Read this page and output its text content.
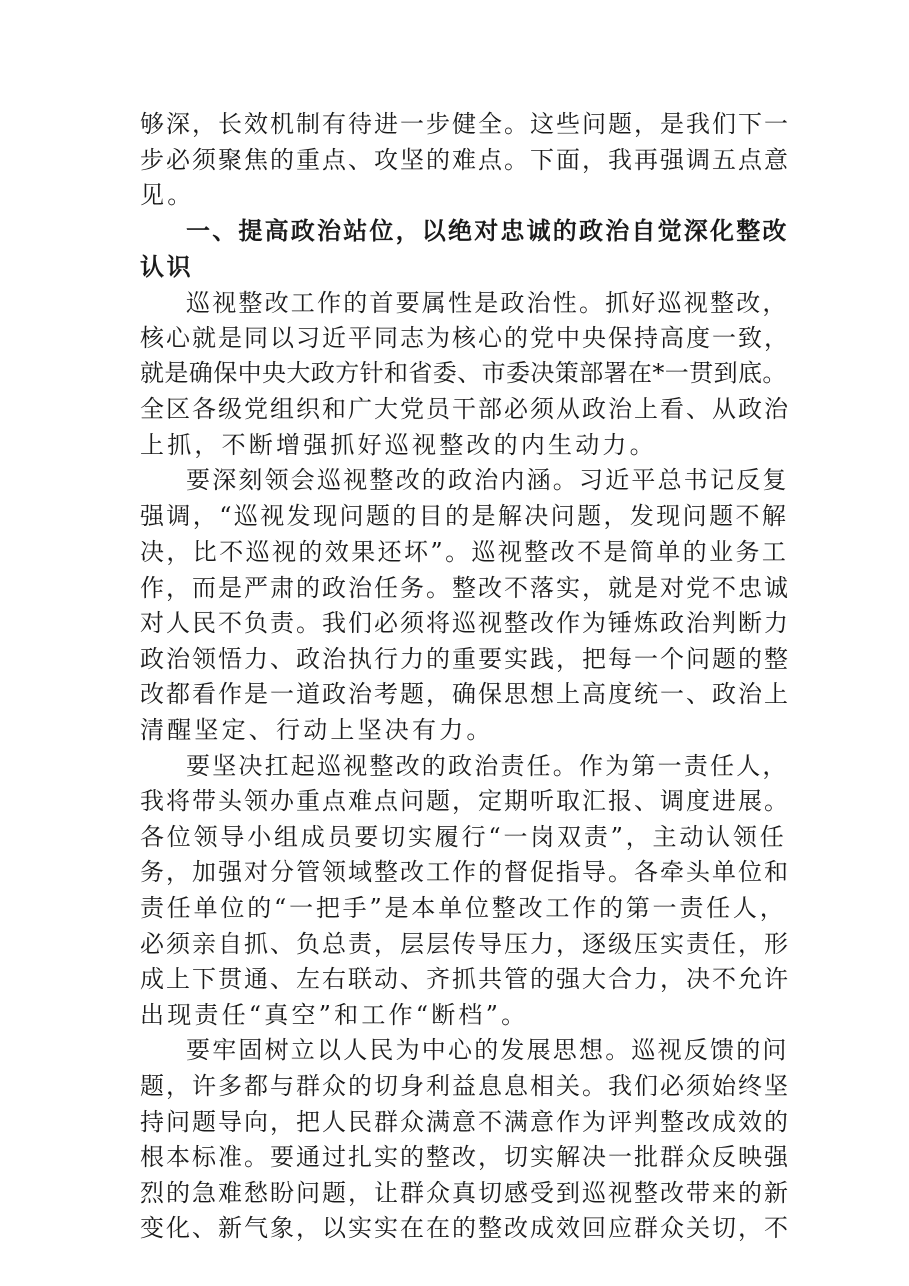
够深，长效机制有待进一步健全。这些问题，是我们下一
步必须聚焦的重点、攻坚的难点。下面，我再强调五点意
见。
一、提高政治站位，以绝对忠诚的政治自觉深化整改
认识
巡视整改工作的首要属性是政治性。抓好巡视整改，
核心就是同以习近平同志为核心的党中央保持高度一致，
就是确保中央大政方针和省委、市委决策部署在*一贯到底。
全区各级党组织和广大党员干部必须从政治上看、从政治
上抓，不断增强抓好巡视整改的内生动力。
要深刻领会巡视整改的政治内涵。习近平总书记反复
强调，“巡视发现问题的目的是解决问题，发现问题不解
决，比不巡视的效果还坏”。巡视整改不是简单的业务工
作，而是严肃的政治任务。整改不落实，就是对党不忠诚
对人民不负责。我们必须将巡视整改作为锤炼政治判断力
政治领悟力、政治执行力的重要实践，把每一个问题的整
改都看作是一道政治考题，确保思想上高度统一、政治上
清醒坚定、行动上坚决有力。
要坚决扛起巡视整改的政治责任。作为第一责任人，
我将带头领办重点难点问题，定期听取汇报、调度进展。
各位领导小组成员要切实履行“一岗双责”，主动认领任
务，加强对分管领域整改工作的督促指导。各牵头单位和
责任单位的“一把手”是本单位整改工作的第一责任人，
必须亲自抓、负总责，层层传导压力，逐级压实责任，形
成上下贯通、左右联动、齐抓共管的强大合力，决不允许
出现责任“真空”和工作“断档”。
要牢固树立以人民为中心的发展思想。巡视反馈的问
题，许多都与群众的切身利益息息相关。我们必须始终坚
持问题导向，把人民群众满意不满意作为评判整改成效的
根本标准。要通过扎实的整改，切实解决一批群众反映强
烈的急难愁盼问题，让群众真切感受到巡视整改带来的新
变化、新气象，以实实在在的整改成效回应群众关切，不
